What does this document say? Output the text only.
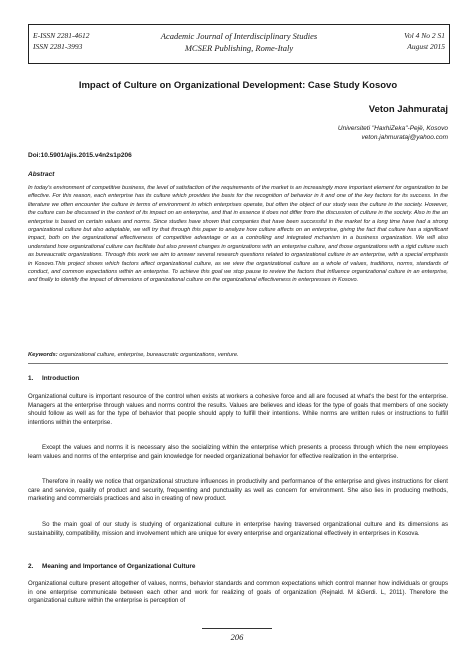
E-ISSN 2281-4612
ISSN 2281-3993
Academic Journal of Interdisciplinary Studies
MCSER Publishing, Rome-Italy
Vol 4 No 2 S1
August 2015
Impact of Culture on Organizational Development: Case Study Kosovo
Veton Jahmurataj
Universiteti "HaxhiZeka"-Pejë, Kosovo
veton.jahmurataj@yahoo.com
Doi:10.5901/ajis.2015.v4n2s1p206
Abstract

In today's environment of competitive business, the level of satisfaction of the requirements of the market is an increasingly more important element for organization to be effective. For this reason, each enterprise has its culture which provides the basis for the recognition of behavior in it and one of the key factors for its success. In the literature we often encounter the culture in terms of environment in which enterprises operate, but often the object of our study was the culture in the society. However, the culture can be discussed in the context of its impact on an enterprise, and that in essence it does not differ from the discussion of culture in the society. Also in the an enterprise is based on certain values and norms. Since studies have shown that companies that have been successful in the market for a long time have had a strong organizational culture but also adaptable, we will try that through this paper to analyze how culture affects on an enterprise, giving the fact that culture has a significant impact, both on the organizational effectiveness of competitive advantage or as a controlling and integrated mchanism in a business organization. We will also understand how organizational culture can facilitate but also prevent changes in organizations with an enterprise culture, and those organizations with a rigid culture such as bureaucratic organizations. Through this work we aim to answer several research questions related to organizational culture in an enterprise, with a special emphasis in Kosovo.This project shows which factors affect organizational culture, as we view the organizational culture as a whole of values, traditions, norms, standards of conduct, and common expectations within an enterprise. To achieve this goal we stop pause to review the factors that influence organizational culture in an enterprise, and finally to identify the impact of dimensions of organizational culture on the organizational effectiveness in enterpresses in Kosovo.

Keywords: organizational culture, enterprise, bureaucratic organizations, venture.
1. Introduction

Organizational culture is important resource of the control when exists at workers a cohesive force and all are focused at what's the best for the enterprise. Managers at the enterprise through values and norms control the results. Values are believes and ideas for the type of goals that members of one society should follow as well as for the type of behavior that people should apply to fulfill their intentions. While norms are written rules or instructions to fulfill intentions within the enterprise.

Except the values and norms it is necessary also the socializing within the enterprise which presents a process through which the new employees learn values and norms of the enterprise and gain knowledge for needed organizational behavior for effective realization in the enterprise.

Therefore in reality we notice that organizational structure influences in productivity and performance of the enterprise and gives instructions for client care and service, quality of product and security, frequenting and punctuality as well as concern for environment. She also lies in producing methods, marketing and commercials practices and also in creating of new product.

So the main goal of our study is studying of organizational culture in enterprise having traversed organizational culture and its dimensions as sustainability, compatibility, mission and involvement which are unique for every enterprise and organizational effectively in enterprises in Kosova.

2. Meaning and Importance of Organizational Culture

Organizational culture present altogether of values, norms, behavior standards and common expectations which control manner how individuals or groups in one enterprise communicate between each other and work for realizing of goals of organization (Rejnald. M &Gerdi. L, 2011). Therefore the organizational culture within the enterprise is perception of

206
